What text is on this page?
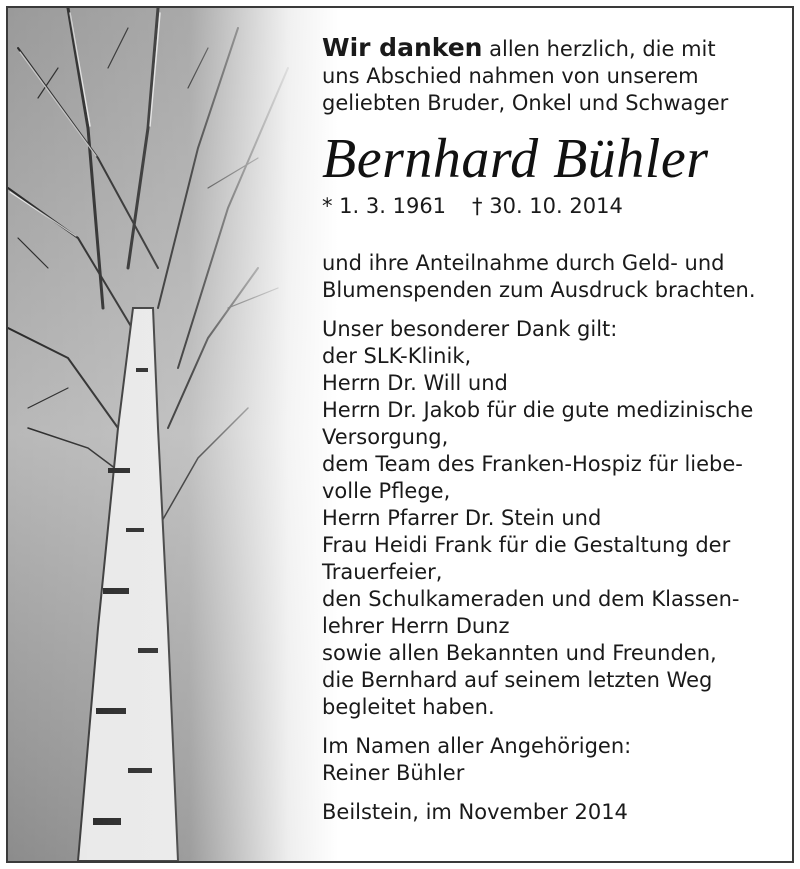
Wir danken allen herzlich, die mit
uns Abschied nahmen von unserem
geliebten Bruder, Onkel und Schwager
Bernhard Bühler
* 1. 3. 1961 † 30. 10. 2014
und ihre Anteilnahme durch Geld- und
Blumenspenden zum Ausdruck brachten.
Unser besonderer Dank gilt:
der SLK-Klinik,
Herrn Dr. Will und
Herrn Dr. Jakob für die gute medizinische
Versorgung,
dem Team des Franken-Hospiz für liebe-
volle Pflege,
Herrn Pfarrer Dr. Stein und
Frau Heidi Frank für die Gestaltung der
Trauerfeier,
den Schulkameraden und dem Klassen-
lehrer Herrn Dunz
sowie allen Bekannten und Freunden,
die Bernhard auf seinem letzten Weg
begleitet haben.
Im Namen aller Angehörigen:
Reiner Bühler
Beilstein, im November 2014
